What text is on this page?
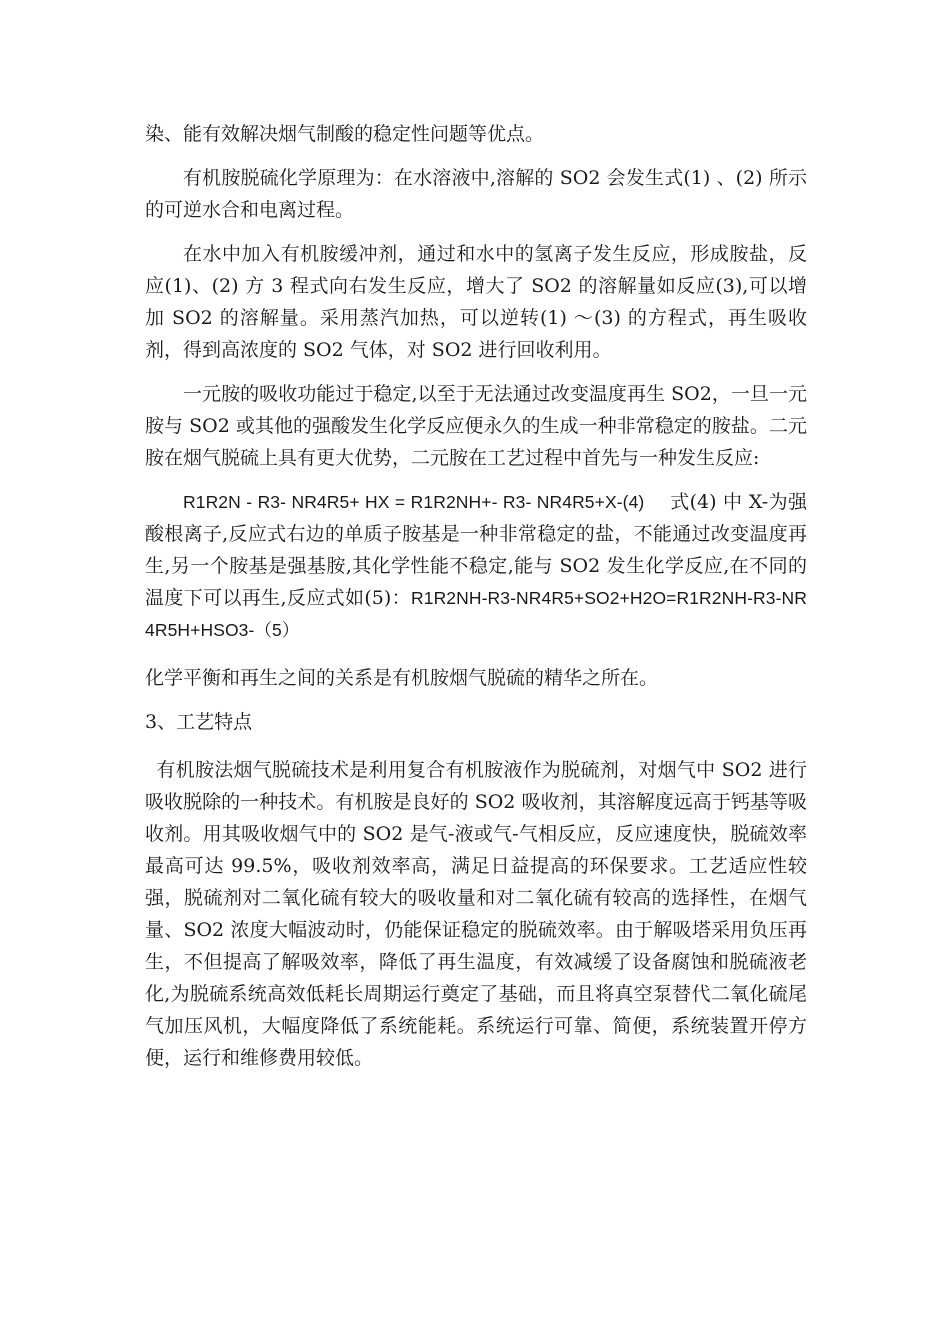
染、能有效解决烟气制酸的稳定性问题等优点。

有机胺脱硫化学原理为：在水溶液中,溶解的 SO2 会发生式(1) 、(2) 所示的可逆水合和电离过程。

在水中加入有机胺缓冲剂，通过和水中的氢离子发生反应，形成胺盐，反应(1)、(2) 方 3 程式向右发生反应，增大了 SO2 的溶解量如反应(3),可以增加 SO2 的溶解量。采用蒸汽加热，可以逆转(1) ～(3) 的方程式，再生吸收剂，得到高浓度的 SO2 气体，对 SO2 进行回收利用。

一元胺的吸收功能过于稳定,以至于无法通过改变温度再生 SO2，一旦一元胺与 SO2 或其他的强酸发生化学反应便永久的生成一种非常稳定的胺盐。二元胺在烟气脱硫上具有更大优势，二元胺在工艺过程中首先与一种发生反应:

R1R2N - R3- NR4R5+ HX = R1R2NH+- R3- NR4R5+X-(4) 式(4) 中 X-为强酸根离子,反应式右边的单质子胺基是一种非常稳定的盐，不能通过改变温度再生,另一个胺基是强基胺,其化学性能不稳定,能与 SO2 发生化学反应,在不同的温度下可以再生,反应式如(5)：R1R2NH-R3-NR4R5+SO2+H2O=R1R2NH-R3-NR4R5H+HSO3-（5）

化学平衡和再生之间的关系是有机胺烟气脱硫的精华之所在。

3、工艺特点

有机胺法烟气脱硫技术是利用复合有机胺液作为脱硫剂，对烟气中 SO2 进行吸收脱除的一种技术。有机胺是良好的 SO2 吸收剂，其溶解度远高于钙基等吸收剂。用其吸收烟气中的 SO2 是气-液或气-气相反应，反应速度快，脱硫效率最高可达 99.5%，吸收剂效率高，满足日益提高的环保要求。工艺适应性较强，脱硫剂对二氧化硫有较大的吸收量和对二氧化硫有较高的选择性，在烟气量、SO2 浓度大幅波动时，仍能保证稳定的脱硫效率。由于解吸塔采用负压再生，不但提高了解吸效率，降低了再生温度，有效减缓了设备腐蚀和脱硫液老化,为脱硫系统高效低耗长周期运行奠定了基础，而且将真空泵替代二氧化硫尾气加压风机，大幅度降低了系统能耗。系统运行可靠、简便，系统装置开停方便，运行和维修费用较低。
